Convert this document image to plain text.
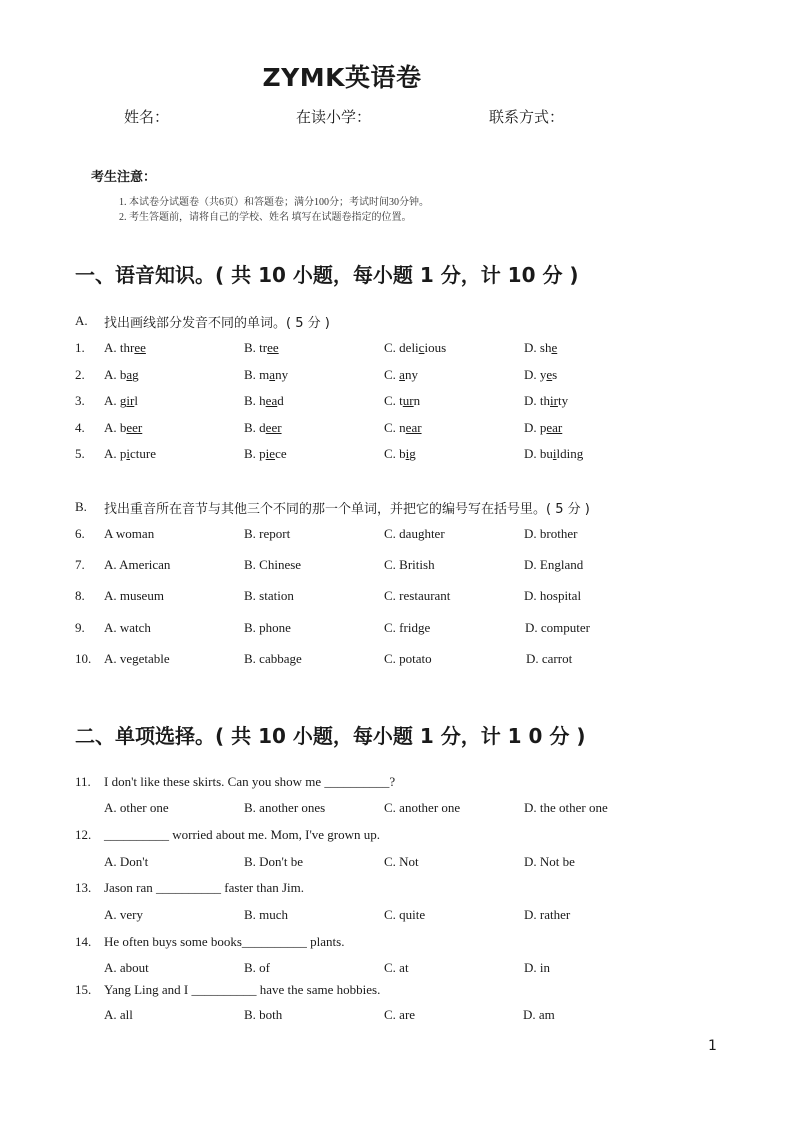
ZYMK英语卷
姓名：	在读小学：	联系方式：
考生注意：
1. 本试卷分试题卷（共6页）和答题卷；满分100分；考试时间30分钟。
2. 考生答题前，请将自己的学校、姓名 填写在试题卷指定的位置。
一、语音知识。( 共 10 小题，每小题 1 分，计 10 分 )
A. 找出画线部分发音不同的单词。( 5 分 )
1. A. three	B. tree	C. delicious	D. she
2. A. bag	B. many	C. any	D. yes
3. A. girl	B. head	C. turn	D. thirty
4. A. beer	B. deer	C. near	D. pear
5. A. picture	B. piece	C. big	D. building
B. 找出重音所在音节与其他三个不同的那一个单词，并把它的编号写在括号里。( 5 分 )
6. A woman	B. report	C. daughter	D. brother
7. A. American	B. Chinese	C. British	D. England
8. A. museum	B. station	C. restaurant	D. hospital
9. A. watch	B. phone	C. fridge	D. computer
10. A. vegetable	B. cabbage	C. potato	D. carrot
二、单项选择。( 共 10 小题，每小题 1 分，计 1 0 分 )
11. I don't like these skirts. Can you show me __________?
A. other one	B. another ones	C. another one	D. the other one
12. __________ worried about me. Mom, I've grown up.
A. Don't	B. Don't be	C. Not	D. Not be
13. Jason ran __________ faster than Jim.
A. very	B. much	C. quite	D. rather
14. He often buys some books__________ plants.
A. about	B. of	C. at	D. in
15. Yang Ling and I __________ have the same hobbies.
A. all	B. both	C. are	D. am
1
